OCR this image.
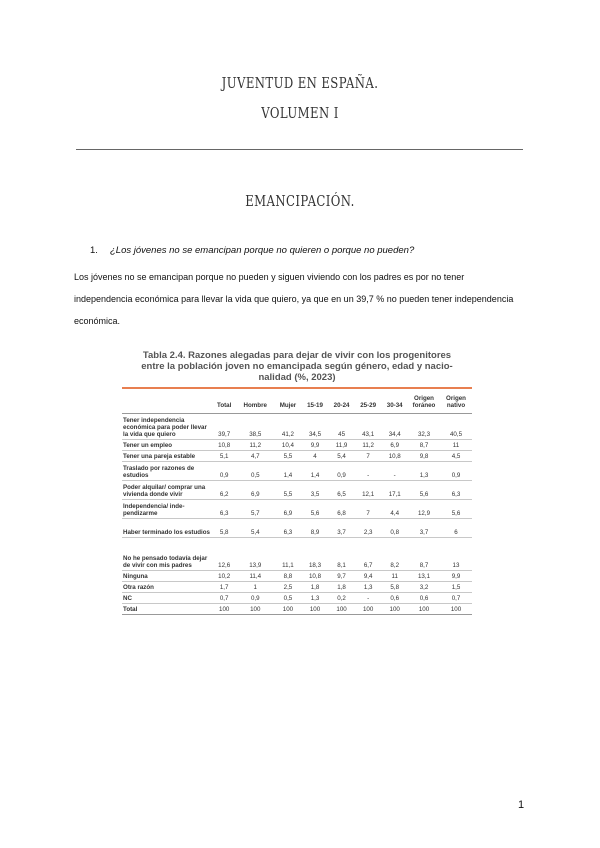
JUVENTUD EN ESPAÑA.
VOLUMEN I
EMANCIPACIÓN.
1. ¿Los jóvenes no se emancipan porque no quieren o porque no pueden?
Los jóvenes no se emancipan porque no pueden y siguen viviendo con los padres es por no tener
independencia económica para llevar la vida que quiero, ya que en un 39,7 % no pueden tener independencia
económica.
Tabla 2.4. Razones alegadas para dejar de vivir con los progenitores
entre la población joven no emancipada según género, edad y nacio-
nalidad (%, 2023)
	Total	Hombre	Mujer	15-19	20-24	25-29	30-34	Origen foráneo	Origen nativo
Tener independencia económica para poder llevar la vida que quiero	39,7	38,5	41,2	34,5	45	43,1	34,4	32,3	40,5
Tener un empleo	10,8	11,2	10,4	9,9	11,9	11,2	6,9	8,7	11
Tener una pareja estable	5,1	4,7	5,5	4	5,4	7	10,8	9,8	4,5
Traslado por razones de estudios	0,9	0,5	1,4	1,4	0,9	-	-	1,3	0,9
Poder alquilar/ comprar una vivienda donde vivir	6,2	6,9	5,5	3,5	6,5	12,1	17,1	5,6	6,3
Independencia/ inde-pendizarme	6,3	5,7	6,9	5,6	6,8	7	4,4	12,9	5,6
Haber terminado los estudios	5,8	5,4	6,3	8,9	3,7	2,3	0,8	3,7	6
No he pensado todavía dejar de vivir con mis padres	12,6	13,9	11,1	18,3	8,1	6,7	8,2	8,7	13
Ninguna	10,2	11,4	8,8	10,8	9,7	9,4	11	13,1	9,9
Otra razón	1,7	1	2,5	1,8	1,8	1,3	5,8	3,2	1,5
NC	0,7	0,9	0,5	1,3	0,2	-	0,6	0,6	0,7
Total	100	100	100	100	100	100	100	100	100
1
